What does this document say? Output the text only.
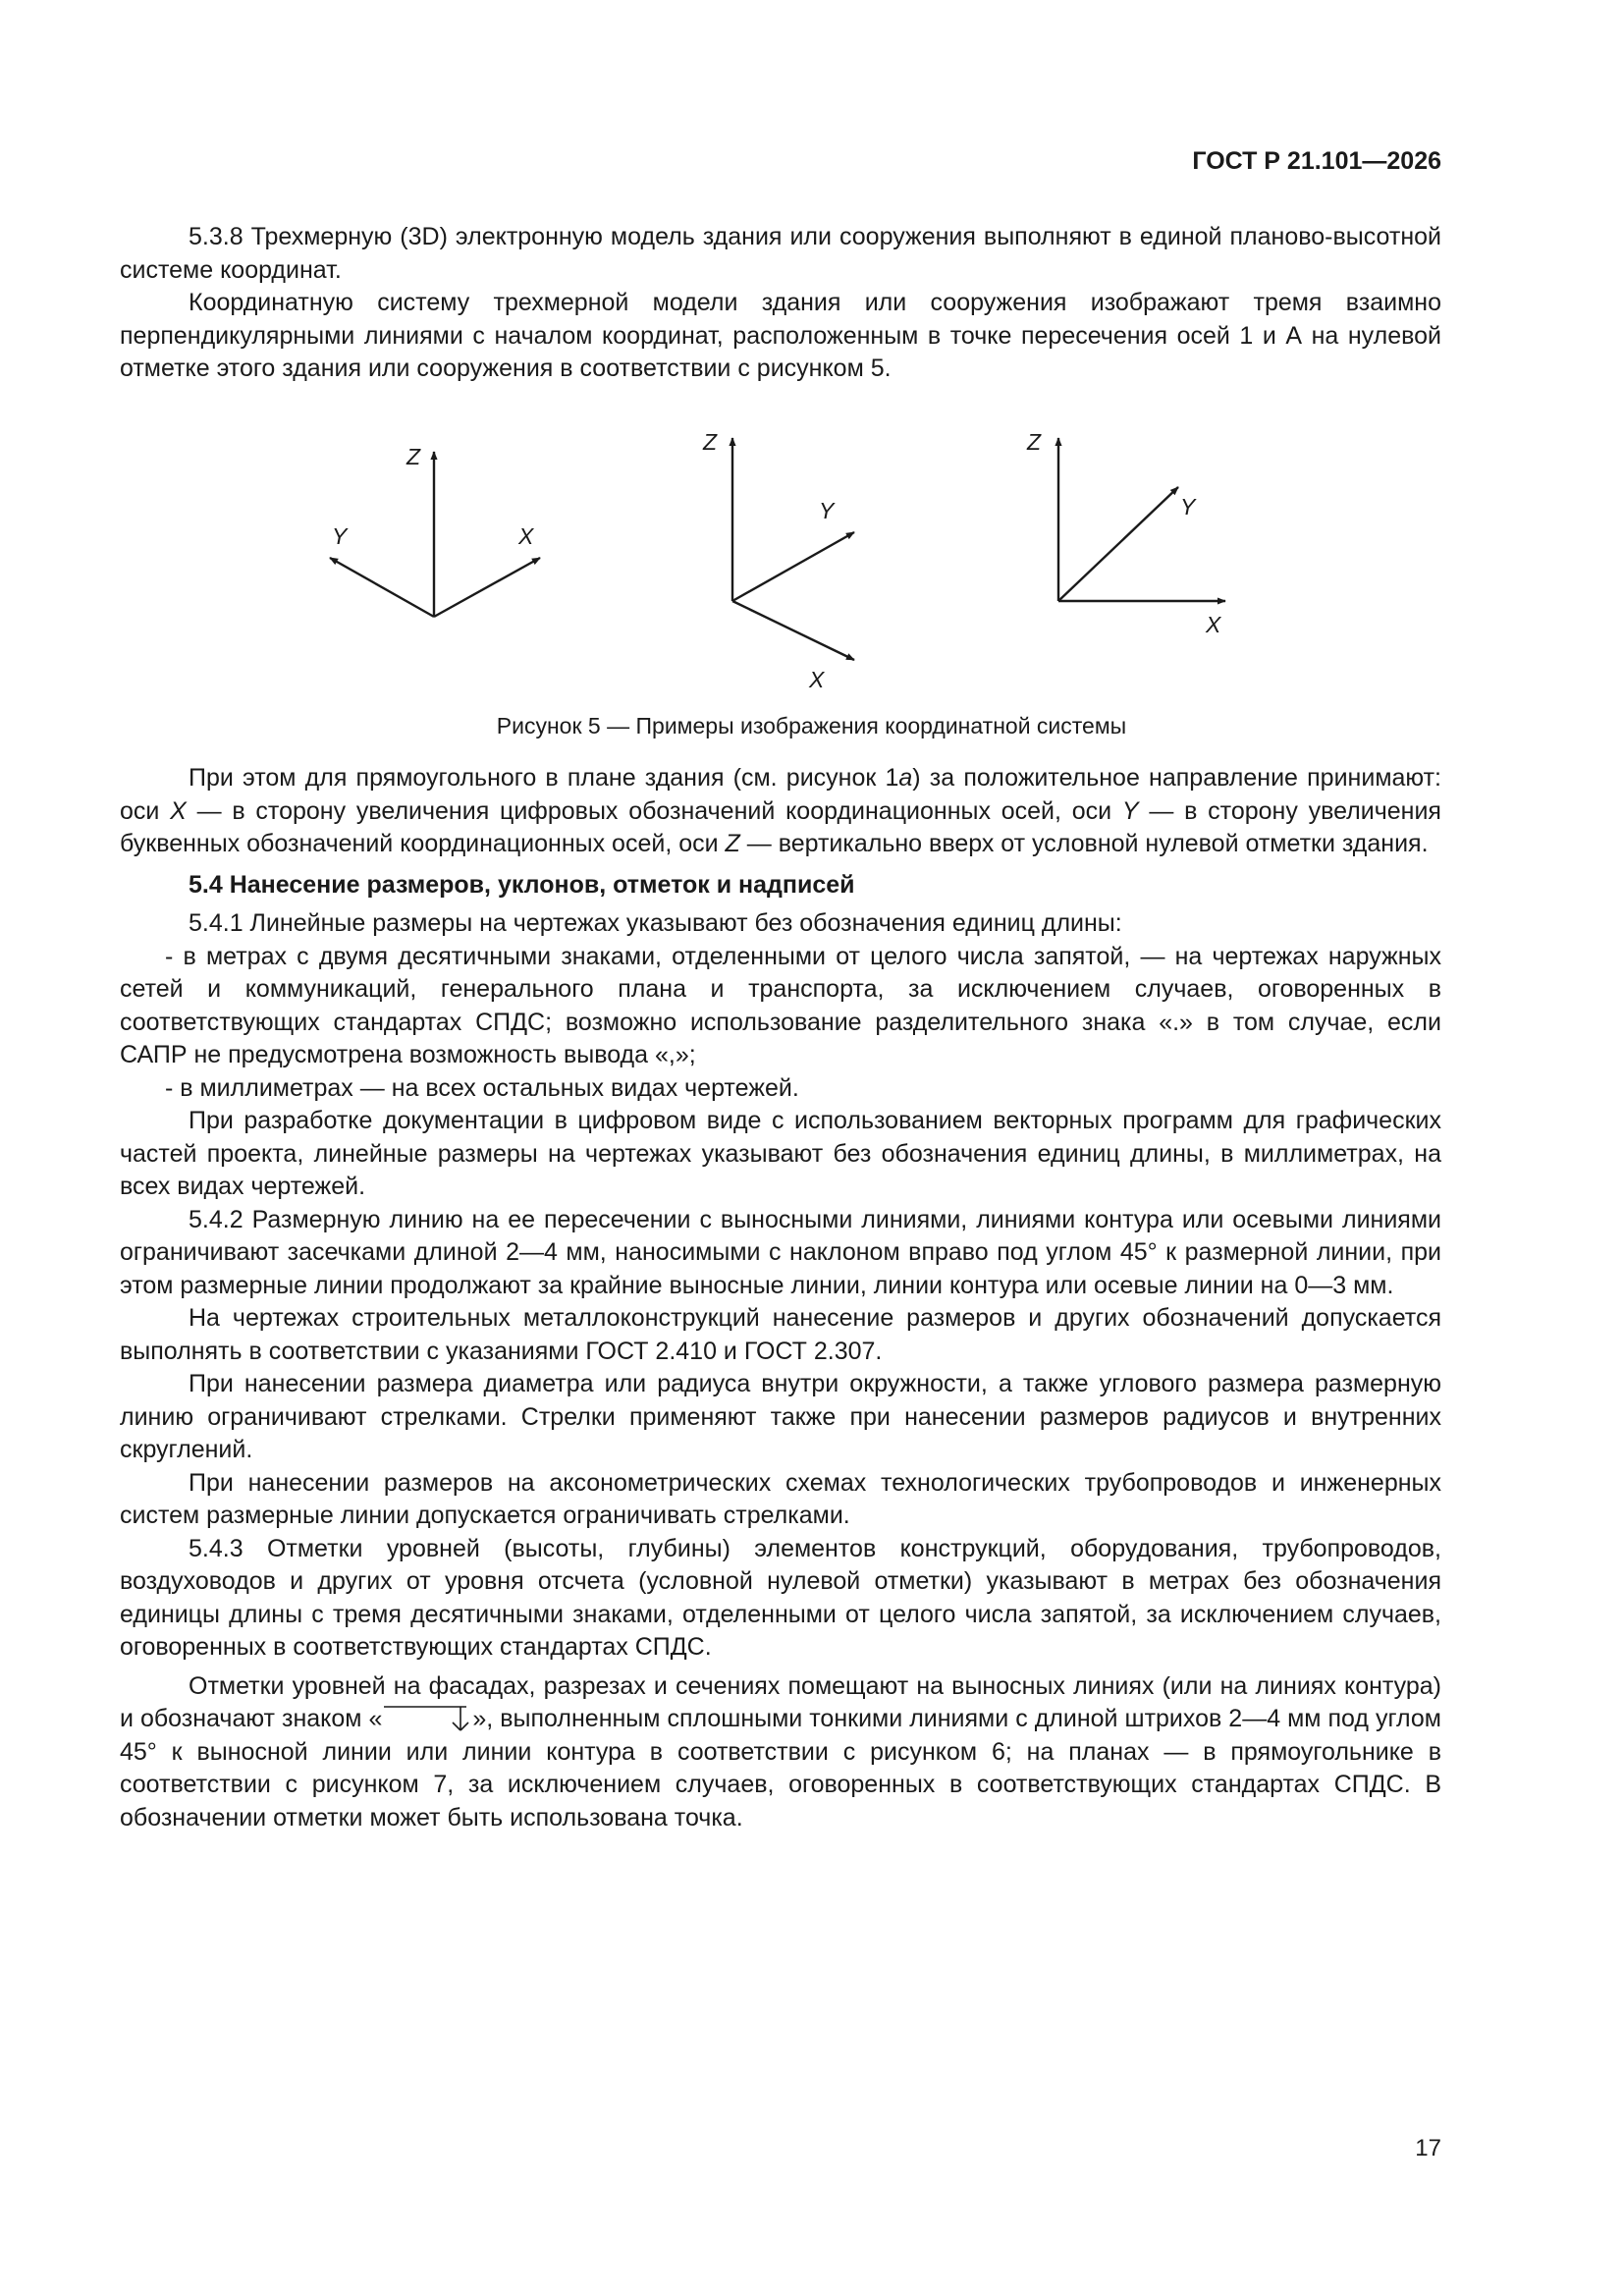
ГОСТ Р 21.101—2026

5.3.8 Трехмерную (3D) электронную модель здания или сооружения выполняют в единой планово-высотной системе координат.

Координатную систему трехмерной модели здания или сооружения изображают тремя взаимно перпендикулярными линиями с началом координат, расположенным в точке пересечения осей 1 и А на нулевой отметке этого здания или сооружения в соответствии с рисунком 5.

Z
Y	X
Z
Y
X
Z
Y
X
Рисунок 5 — Примеры изображения координатной системы

При этом для прямоугольного в плане здания (см. рисунок 1а) за положительное направление принимают: оси X — в сторону увеличения цифровых обозначений координационных осей, оси Y — в сторону увеличения буквенных обозначений координационных осей, оси Z — вертикально вверх от условной нулевой отметки здания.

5.4 Нанесение размеров, уклонов, отметок и надписей

5.4.1 Линейные размеры на чертежах указывают без обозначения единиц длины:

- в метрах с двумя десятичными знаками, отделенными от целого числа запятой, — на чертежах наружных сетей и коммуникаций, генерального плана и транспорта, за исключением случаев, оговоренных в соответствующих стандартах СПДС; возможно использование разделительного знака «.» в том случае, если САПР не предусмотрена возможность вывода «,»;

- в миллиметрах — на всех остальных видах чертежей.

При разработке документации в цифровом виде с использованием векторных программ для графических частей проекта, линейные размеры на чертежах указывают без обозначения единиц длины, в миллиметрах, на всех видах чертежей.

5.4.2 Размерную линию на ее пересечении с выносными линиями, линиями контура или осевыми линиями ограничивают засечками длиной 2—4 мм, наносимыми с наклоном вправо под углом 45° к размерной линии, при этом размерные линии продолжают за крайние выносные линии, линии контура или осевые линии на 0—3 мм.

На чертежах строительных металлоконструкций нанесение размеров и других обозначений допускается выполнять в соответствии с указаниями ГОСТ 2.410 и ГОСТ 2.307.

При нанесении размера диаметра или радиуса внутри окружности, а также углового размера размерную линию ограничивают стрелками. Стрелки применяют также при нанесении размеров радиусов и внутренних скруглений.

При нанесении размеров на аксонометрических схемах технологических трубопроводов и инженерных систем размерные линии допускается ограничивать стрелками.

5.4.3 Отметки уровней (высоты, глубины) элементов конструкций, оборудования, трубопроводов, воздуховодов и других от уровня отсчета (условной нулевой отметки) указывают в метрах без обозначения единицы длины с тремя десятичными знаками, отделенными от целого числа запятой, за исключением случаев, оговоренных в соответствующих стандартах СПДС.

Отметки уровней на фасадах, разрезах и сечениях помещают на выносных линиях (или на линиях контура) и обозначают знаком «	», выполненным сплошными тонкими линиями с длиной штрихов 2—4 мм под углом 45° к выносной линии или линии контура в соответствии с рисунком 6; на планах — в прямоугольнике в соответствии с рисунком 7, за исключением случаев, оговоренных в соответствующих стандартах СПДС. В обозначении отметки может быть использована точка.

17
